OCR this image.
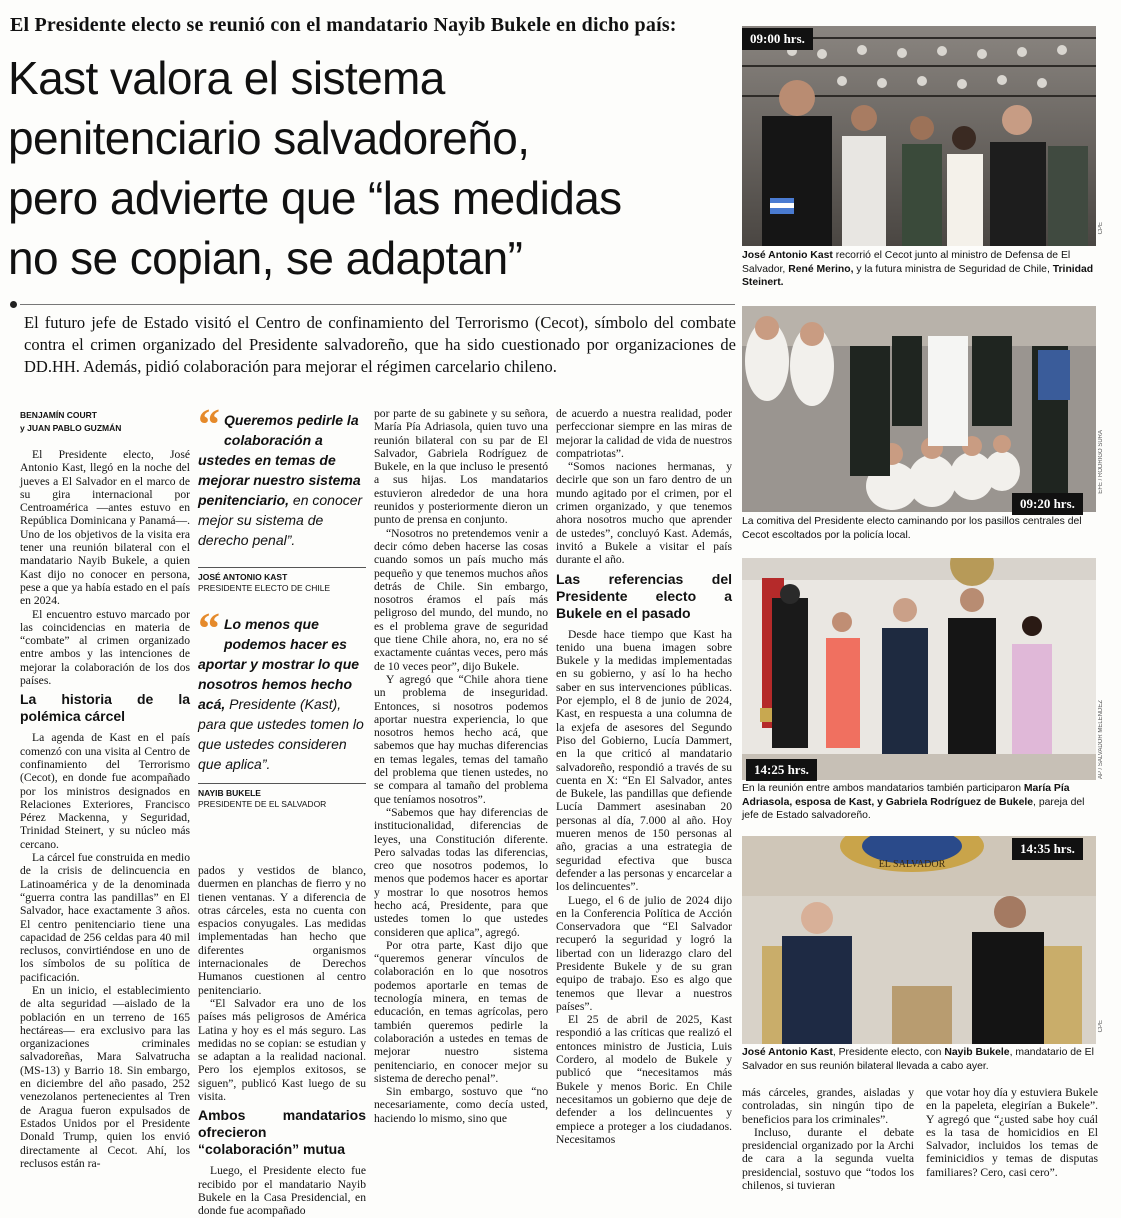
El Presidente electo se reunió con el mandatario Nayib Bukele en dicho país:
Kast valora el sistema
penitenciario salvadoreño,
pero advierte que “las medidas
no se copian, se adaptan”
El futuro jefe de Estado visitó el Centro de confinamiento del Terrorismo (Cecot), símbolo del combate contra el crimen organizado del Presidente salvadoreño, que ha sido cuestionado por organizaciones de DD.HH. Además, pidió colaboración para mejorar el régimen carcelario chileno.
BENJAMÍN COURT
y JUAN PABLO GUZMÁN

El Presidente electo, José Antonio Kast, llegó en la noche del jueves a El Salvador en el marco de su gira internacional por Centroamérica —antes estuvo en República Dominicana y Panamá—. Uno de los objetivos de la visita era tener una reunión bilateral con el mandatario Nayib Bukele, a quien Kast dijo no conocer en persona, pese a que ya había estado en el país en 2024.

El encuentro estuvo marcado por las coincidencias en materia de “combate” al crimen organizado entre ambos y las intenciones de mejorar la colaboración de los dos países.

La historia de la polémica cárcel

La agenda de Kast en el país comenzó con una visita al Centro de confinamiento del Terrorismo (Cecot), en donde fue acompañado por los ministros designados en Relaciones Exteriores, Francisco Pérez Mackenna, y Seguridad, Trinidad Steinert, y su núcleo más cercano.

La cárcel fue construida en medio de la crisis de delincuencia en Latinoamérica y de la denominada “guerra contra las pandillas” en El Salvador, hace exactamente 3 años. El centro penitenciario tiene una capacidad de 256 celdas para 40 mil reclusos, convirtiéndose en uno de los símbolos de su política de pacificación.

En un inicio, el establecimiento de alta seguridad —aislado de la población en un terreno de 165 hectáreas— era exclusivo para las organizaciones criminales salvadoreñas, Mara Salvatrucha (MS-13) y Barrio 18. Sin embargo, en diciembre del año pasado, 252 venezolanos pertenecientes al Tren de Aragua fueron expulsados de Estados Unidos por el Presidente Donald Trump, quien los envió directamente al Cecot. Ahí, los reclusos están ra-

“ Queremos pedirle la colaboración a ustedes en temas de mejorar nuestro sistema penitenciario, en conocer mejor su sistema de derecho penal”.
JOSÉ ANTONIO KAST
PRESIDENTE ELECTO DE CHILE
“ Lo menos que podemos hacer es aportar y mostrar lo que nosotros hemos hecho acá, Presidente (Kast), para que ustedes tomen lo que ustedes consideren que aplica”.
NAYIB BUKELE
PRESIDENTE DE EL SALVADOR

pados y vestidos de blanco, duermen en planchas de fierro y no tienen ventanas. Y a diferencia de otras cárceles, esta no cuenta con espacios conyugales. Las medidas implementadas han hecho que diferentes organismos internacionales de Derechos Humanos cuestionen al centro penitenciario.

“El Salvador era uno de los países más peligrosos de América Latina y hoy es el más seguro. Las medidas no se copian: se estudian y se adaptan a la realidad nacional. Pero los ejemplos exitosos, se siguen”, publicó Kast luego de su visita.

Ambos mandatarios ofrecieron “colaboración” mutua

Luego, el Presidente electo fue recibido por el mandatario Nayib Bukele en la Casa Presidencial, en donde fue acompañado

por parte de su gabinete y su señora, María Pía Adriasola, quien tuvo una reunión bilateral con su par de El Salvador, Gabriela Rodríguez de Bukele, en la que incluso le presentó a sus hijas. Los mandatarios estuvieron alrededor de una hora reunidos y posteriormente dieron un punto de prensa en conjunto.

“Nosotros no pretendemos venir a decir cómo deben hacerse las cosas cuando somos un país mucho más pequeño y que tenemos muchos años detrás de Chile. Sin embargo, nosotros éramos el país más peligroso del mundo, del mundo, no es el problema grave de seguridad que tiene Chile ahora, no, era no sé exactamente cuántas veces, pero más de 10 veces peor”, dijo Bukele.

Y agregó que “Chile ahora tiene un problema de inseguridad. Entonces, si nosotros podemos aportar nuestra experiencia, lo que nosotros hemos hecho acá, que sabemos que hay muchas diferencias en temas legales, temas del tamaño del problema que tienen ustedes, no se compara al tamaño del problema que teníamos nosotros”.

“Sabemos que hay diferencias de institucionalidad, diferencias de leyes, una Constitución diferente. Pero salvadas todas las diferencias, creo que nosotros podemos, lo menos que podemos hacer es aportar y mostrar lo que nosotros hemos hecho acá, Presidente, para que ustedes tomen lo que ustedes consideren que aplica”, agregó.

Por otra parte, Kast dijo que “queremos generar vínculos de colaboración en lo que nosotros podemos aportarle en temas de tecnología minera, en temas de educación, en temas agrícolas, pero también queremos pedirle la colaboración a ustedes en temas de mejorar nuestro sistema penitenciario, en conocer mejor su sistema de derecho penal”.

Sin embargo, sostuvo que “no necesariamente, como decía usted, haciendo lo mismo, sino que

de acuerdo a nuestra realidad, poder perfeccionar siempre en las miras de mejorar la calidad de vida de nuestros compatriotas”.

“Somos naciones hermanas, y decirle que son un faro dentro de un mundo agitado por el crimen, por el crimen organizado, y que tenemos ahora nosotros mucho que aprender de ustedes”, concluyó Kast. Además, invitó a Bukele a visitar el país durante el año.

Las referencias del Presidente electo a Bukele en el pasado

Desde hace tiempo que Kast ha tenido una buena imagen sobre Bukele y la medidas implementadas en su gobierno, y así lo ha hecho saber en sus intervenciones públicas. Por ejemplo, el 8 de junio de 2024, Kast, en respuesta a una columna de la exjefa de asesores del Segundo Piso del Gobierno, Lucía Dammert, en la que criticó al mandatario salvadoreño, respondió a través de su cuenta en X: “En El Salvador, antes de Bukele, las pandillas que defiende Lucía Dammert asesinaban 20 personas al día, 7.000 al año. Hoy mueren menos de 150 personas al año, gracias a una estrategia de seguridad efectiva que busca defender a las personas y encarcelar a los delincuentes”.

Luego, el 6 de julio de 2024 dijo en la Conferencia Política de Acción Conservadora que “El Salvador recuperó la seguridad y logró la libertad con un liderazgo claro del Presidente Bukele y de su gran equipo de trabajo. Eso es algo que tenemos que llevar a nuestros países”.

El 25 de abril de 2025, Kast respondió a las críticas que realizó el entonces ministro de Justicia, Luis Cordero, al modelo de Bukele y publicó que “necesitamos más Bukele y menos Boric. En Chile necesitamos un gobierno que deje de defender a los delincuentes y empiece a proteger a los ciudadanos. Necesitamos

más cárceles, grandes, aisladas y controladas, sin ningún tipo de beneficios para los criminales”.

Incluso, durante el debate presidencial organizado por la Archi de cara a la segunda vuelta presidencial, sostuvo que “todos los chilenos, si tuvieran

que votar hoy día y estuviera Bukele en la papeleta, elegirían a Bukele”. Y agregó que “¿usted sabe hoy cuál es la tasa de homicidios en El Salvador, incluidos los temas de feminicidios y temas de disputas familiares? Cero, casi cero”.

09:00 hrs.
CPE
José Antonio Kast recorrió el Cecot junto al ministro de Defensa de El Salvador, René Merino, y la futura ministra de Seguridad de Chile, Trinidad Steinert.
09:20 hrs.
EFE / RODRIGO SURA
La comitiva del Presidente electo caminando por los pasillos centrales del Cecot escoltados por la policía local.
14:25 hrs.	AP / SALVADOR MELENDEZ
En la reunión entre ambos mandatarios también participaron María Pía Adriasola, esposa de Kast, y Gabriela Rodríguez de Bukele, pareja del jefe de Estado salvadoreño.
EL SALVADOR
14:35 hrs.
CPE
José Antonio Kast, Presidente electo, con Nayib Bukele, mandatario de El Salvador en sus reunión bilateral llevada a cabo ayer.
